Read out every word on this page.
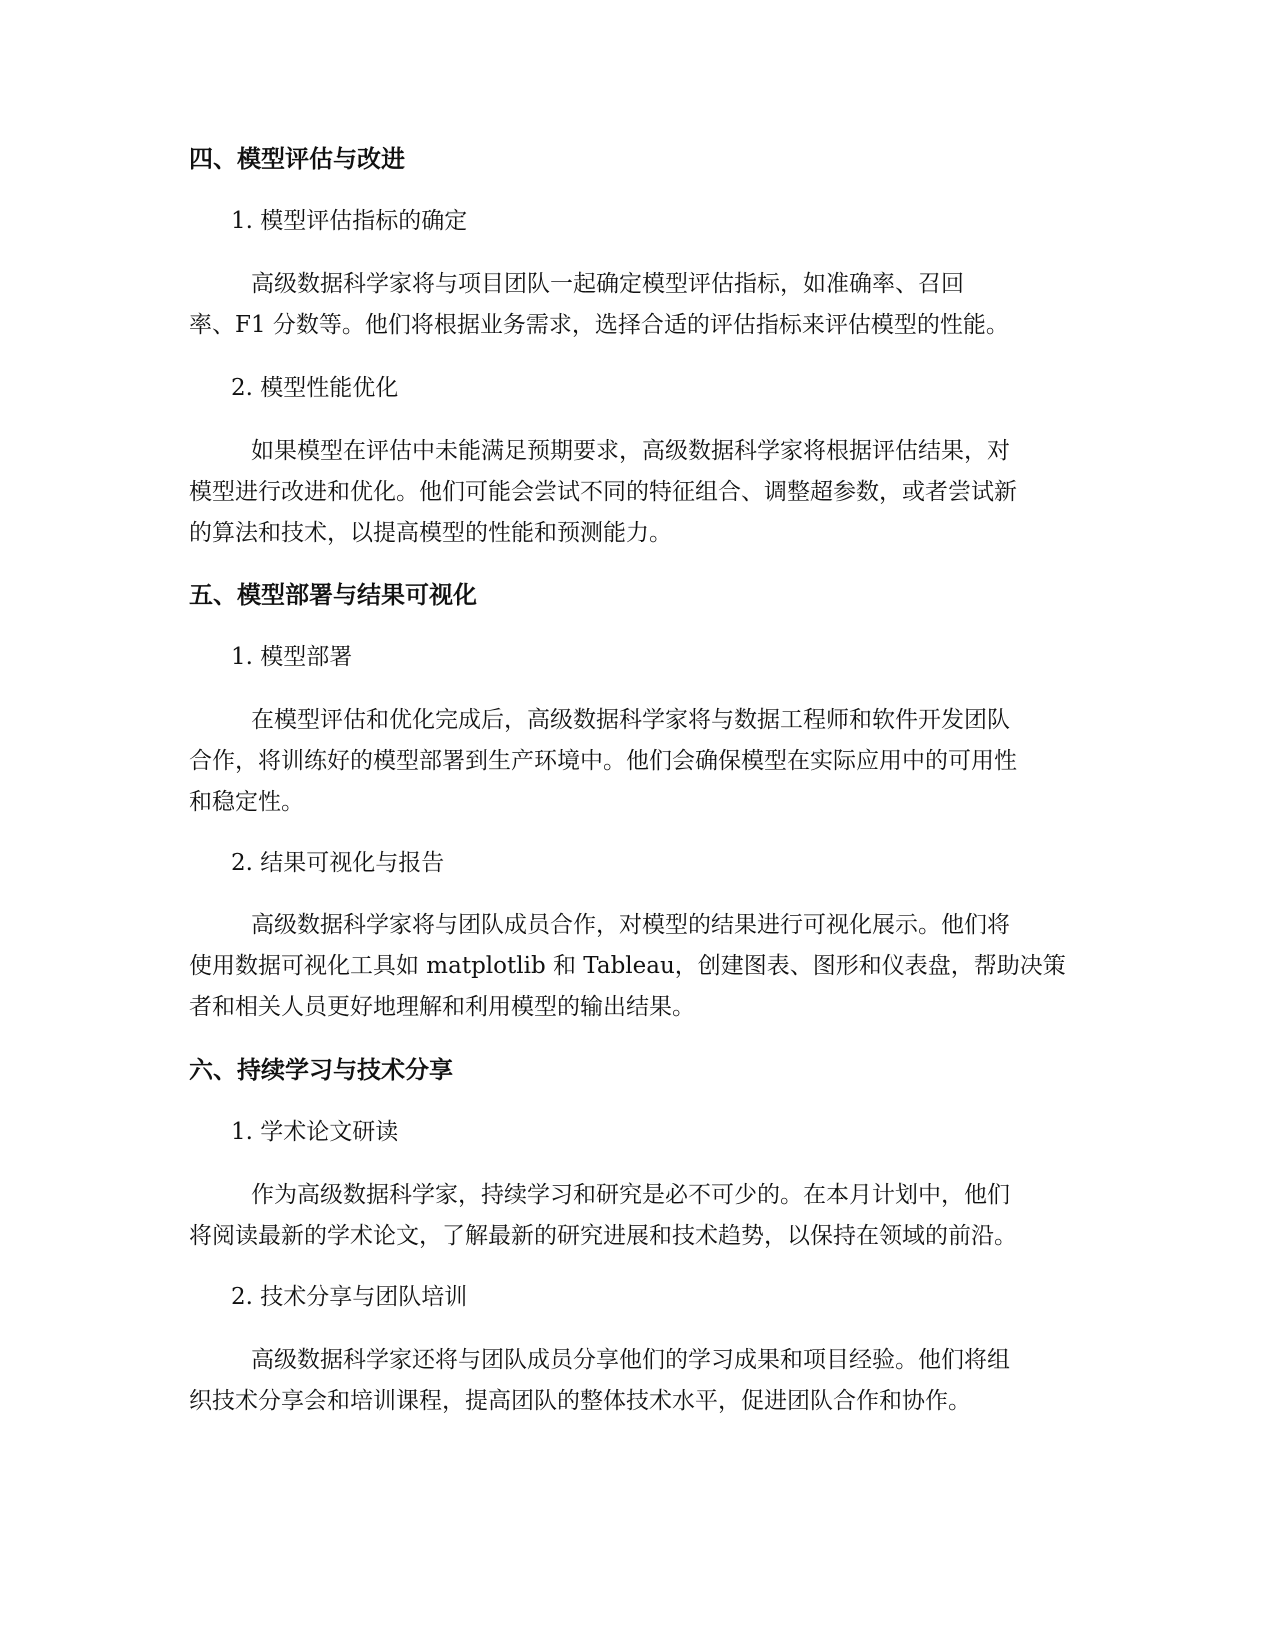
四、模型评估与改进
1. 模型评估指标的确定
高级数据科学家将与项目团队一起确定模型评估指标，如准确率、召回
率、F1 分数等。他们将根据业务需求，选择合适的评估指标来评估模型的性能。
2. 模型性能优化
如果模型在评估中未能满足预期要求，高级数据科学家将根据评估结果，对
模型进行改进和优化。他们可能会尝试不同的特征组合、调整超参数，或者尝试新
的算法和技术，以提高模型的性能和预测能力。
五、模型部署与结果可视化
1. 模型部署
在模型评估和优化完成后，高级数据科学家将与数据工程师和软件开发团队
合作，将训练好的模型部署到生产环境中。他们会确保模型在实际应用中的可用性
和稳定性。
2. 结果可视化与报告
高级数据科学家将与团队成员合作，对模型的结果进行可视化展示。他们将
使用数据可视化工具如 matplotlib 和 Tableau，创建图表、图形和仪表盘，帮助决策
者和相关人员更好地理解和利用模型的输出结果。
六、持续学习与技术分享
1. 学术论文研读
作为高级数据科学家，持续学习和研究是必不可少的。在本月计划中，他们
将阅读最新的学术论文，了解最新的研究进展和技术趋势，以保持在领域的前沿。
2. 技术分享与团队培训
高级数据科学家还将与团队成员分享他们的学习成果和项目经验。他们将组
织技术分享会和培训课程，提高团队的整体技术水平，促进团队合作和协作。
